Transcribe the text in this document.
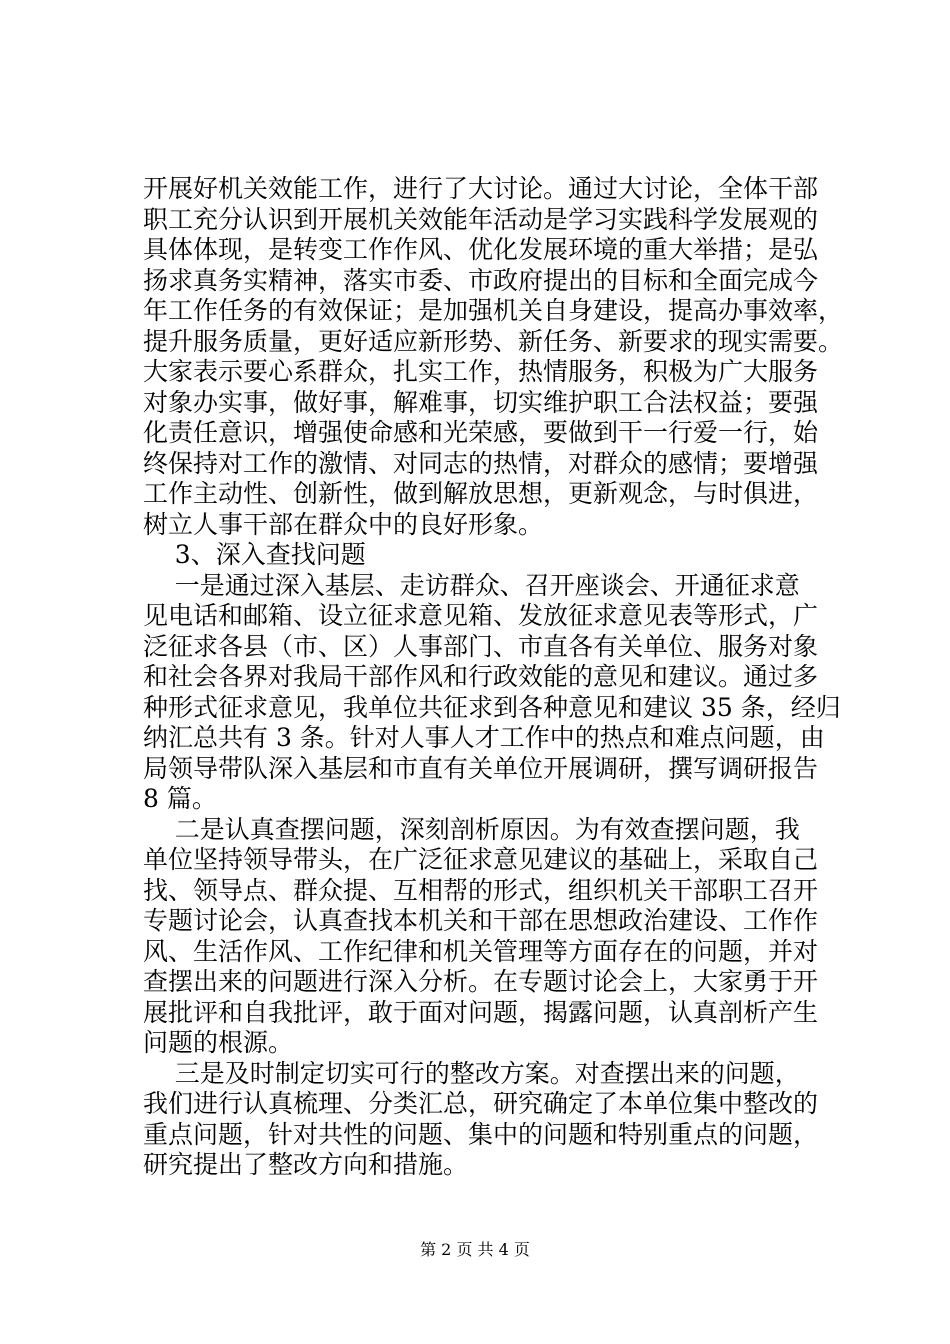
开展好机关效能工作，进行了大讨论。通过大讨论，全体干部
职工充分认识到开展机关效能年活动是学习实践科学发展观的
具体体现，是转变工作作风、优化发展环境的重大举措；是弘
扬求真务实精神，落实市委、市政府提出的目标和全面完成今
年工作任务的有效保证；是加强机关自身建设，提高办事效率，
提升服务质量，更好适应新形势、新任务、新要求的现实需要。
大家表示要心系群众，扎实工作，热情服务，积极为广大服务
对象办实事，做好事，解难事，切实维护职工合法权益；要强
化责任意识，增强使命感和光荣感，要做到干一行爱一行，始
终保持对工作的激情、对同志的热情，对群众的感情；要增强
工作主动性、创新性，做到解放思想，更新观念，与时俱进，
树立人事干部在群众中的良好形象。
3、深入查找问题
一是通过深入基层、走访群众、召开座谈会、开通征求意
见电话和邮箱、设立征求意见箱、发放征求意见表等形式，广
泛征求各县（市、区）人事部门、市直各有关单位、服务对象
和社会各界对我局干部作风和行政效能的意见和建议。通过多
种形式征求意见，我单位共征求到各种意见和建议 35 条，经归
纳汇总共有 3 条。针对人事人才工作中的热点和难点问题，由
局领导带队深入基层和市直有关单位开展调研，撰写调研报告
8 篇。
二是认真查摆问题，深刻剖析原因。为有效查摆问题，我
单位坚持领导带头，在广泛征求意见建议的基础上，采取自己
找、领导点、群众提、互相帮的形式，组织机关干部职工召开
专题讨论会，认真查找本机关和干部在思想政治建设、工作作
风、生活作风、工作纪律和机关管理等方面存在的问题，并对
查摆出来的问题进行深入分析。在专题讨论会上，大家勇于开
展批评和自我批评，敢于面对问题，揭露问题，认真剖析产生
问题的根源。
三是及时制定切实可行的整改方案。对查摆出来的问题，
我们进行认真梳理、分类汇总，研究确定了本单位集中整改的
重点问题，针对共性的问题、集中的问题和特别重点的问题，
研究提出了整改方向和措施。
第 2 页 共 4 页
